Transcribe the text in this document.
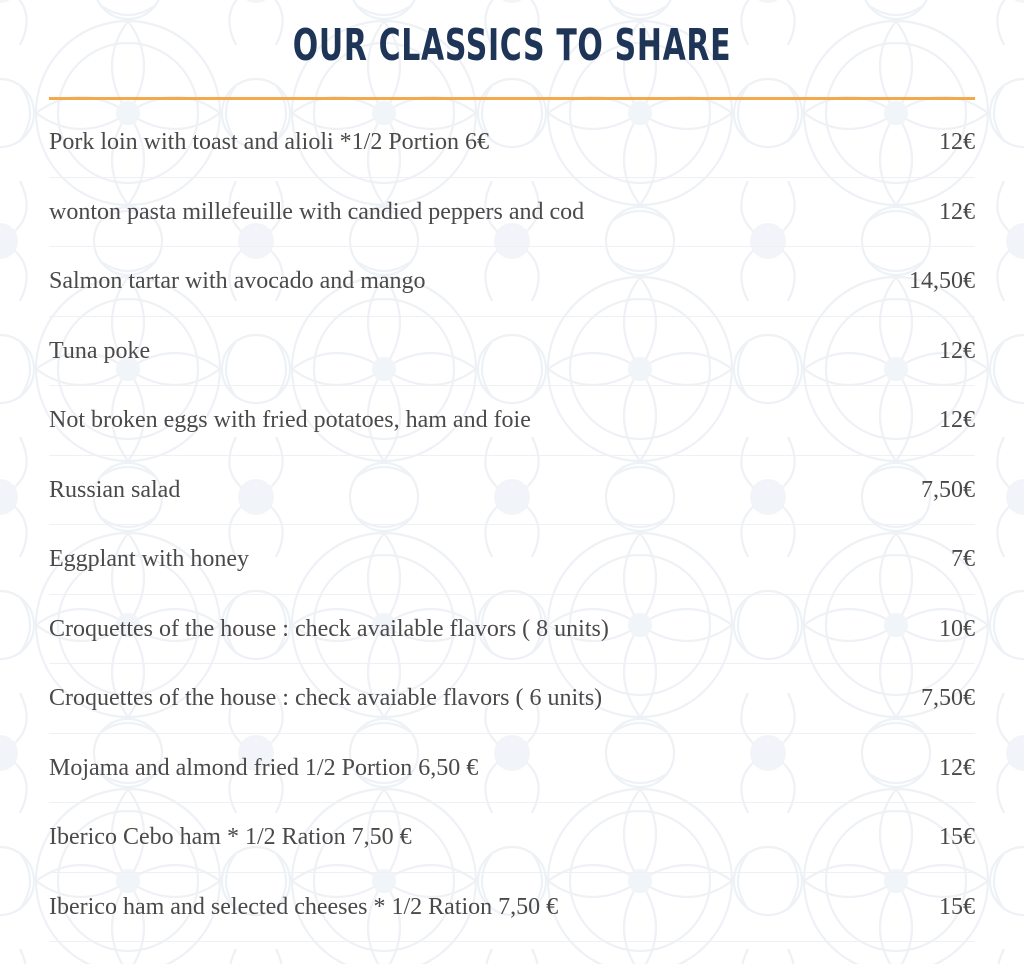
OUR CLASSICS TO SHARE
Pork loin with toast and alioli *1/2 Portion 6€	12€
wonton pasta millefeuille with candied peppers and cod	12€
Salmon tartar with avocado and mango	14,50€
Tuna poke	12€
Not broken eggs with fried potatoes, ham and foie	12€
Russian salad	7,50€
Eggplant with honey	7€
Croquettes of the house : check available flavors ( 8 units)	10€
Croquettes of the house : check avaiable flavors ( 6 units)	7,50€
Mojama and almond fried 1/2 Portion 6,50 €	12€
Iberico Cebo ham * 1/2 Ration 7,50 €	15€
Iberico ham and selected cheeses * 1/2 Ration 7,50 €	15€
